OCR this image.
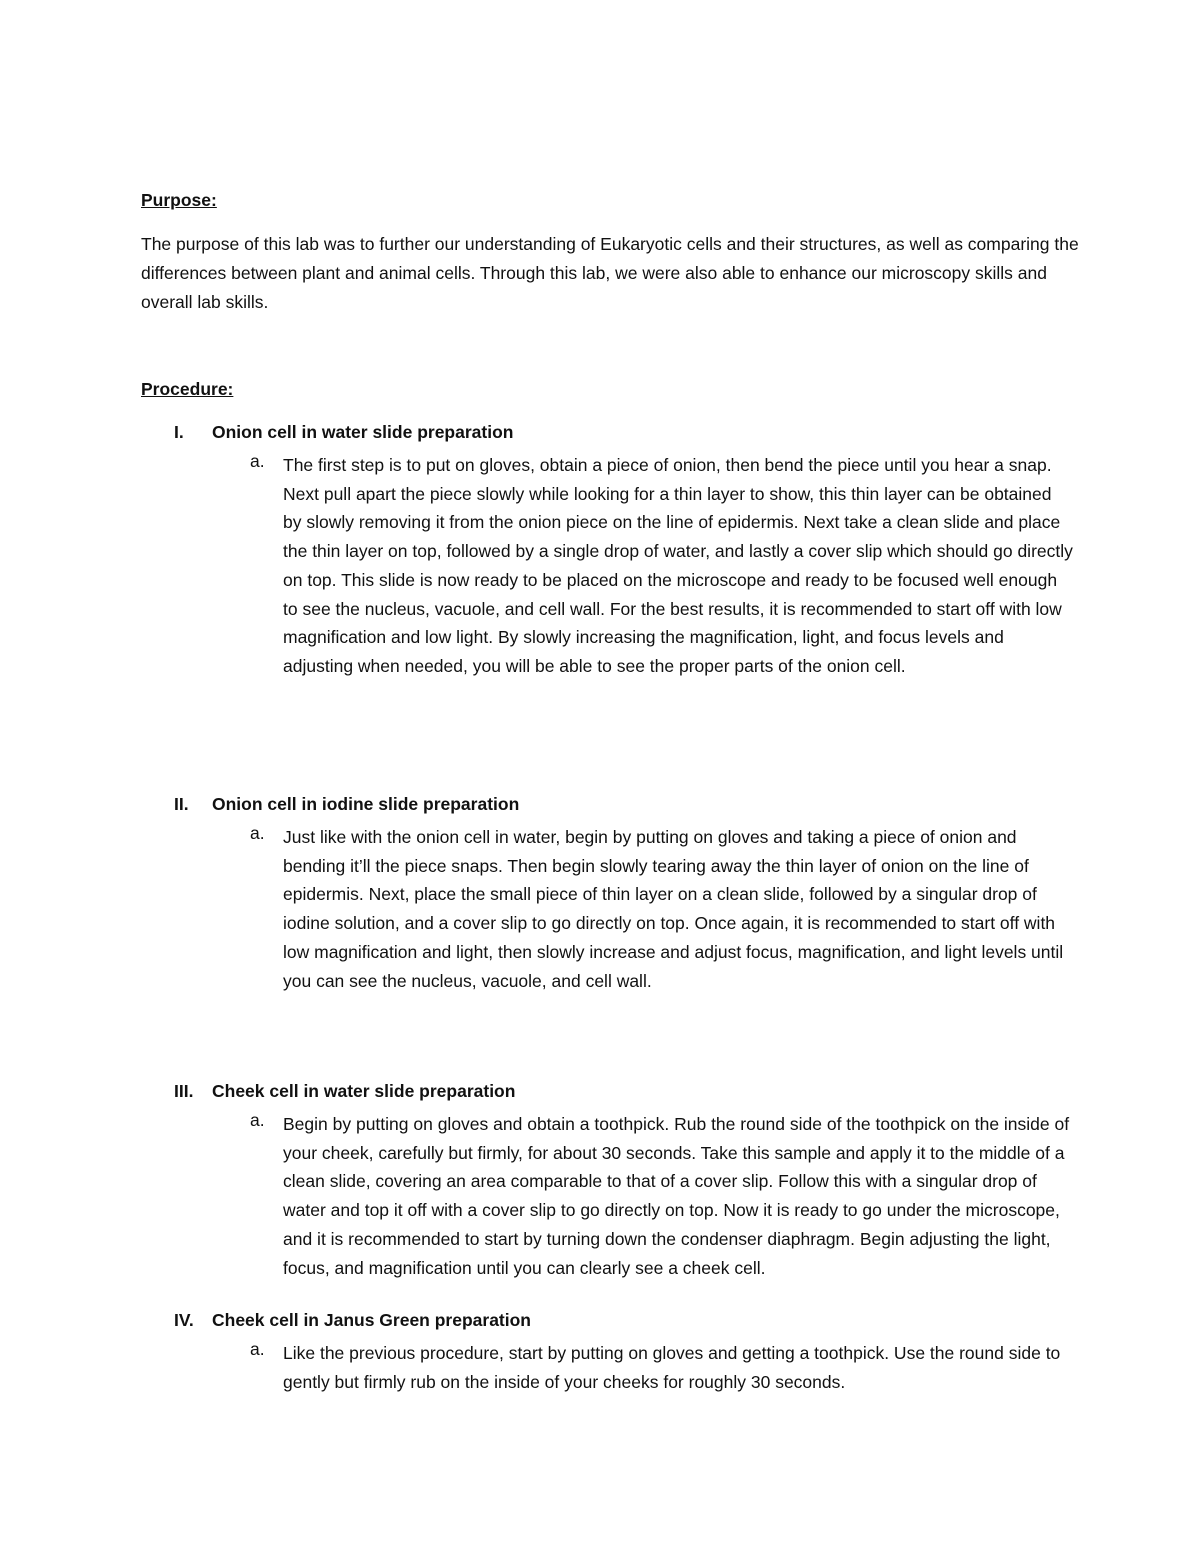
Purpose:

The purpose of this lab was to further our understanding of Eukaryotic cells and their structures, as well as comparing the differences between plant and animal cells. Through this lab, we were also able to enhance our microscopy skills and overall lab skills.

Procedure:

I. Onion cell in water slide preparation
a. The first step is to put on gloves, obtain a piece of onion, then bend the piece until you hear a snap. Next pull apart the piece slowly while looking for a thin layer to show, this thin layer can be obtained by slowly removing it from the onion piece on the line of epidermis. Next take a clean slide and place the thin layer on top, followed by a single drop of water, and lastly a cover slip which should go directly on top. This slide is now ready to be placed on the microscope and ready to be focused well enough to see the nucleus, vacuole, and cell wall. For the best results, it is recommended to start off with low magnification and low light. By slowly increasing the magnification, light, and focus levels and adjusting when needed, you will be able to see the proper parts of the onion cell.

II. Onion cell in iodine slide preparation
a. Just like with the onion cell in water, begin by putting on gloves and taking a piece of onion and bending it’ll the piece snaps. Then begin slowly tearing away the thin layer of onion on the line of epidermis. Next, place the small piece of thin layer on a clean slide, followed by a singular drop of iodine solution, and a cover slip to go directly on top. Once again, it is recommended to start off with low magnification and light, then slowly increase and adjust focus, magnification, and light levels until you can see the nucleus, vacuole, and cell wall.

III. Cheek cell in water slide preparation
a. Begin by putting on gloves and obtain a toothpick. Rub the round side of the toothpick on the inside of your cheek, carefully but firmly, for about 30 seconds. Take this sample and apply it to the middle of a clean slide, covering an area comparable to that of a cover slip. Follow this with a singular drop of water and top it off with a cover slip to go directly on top. Now it is ready to go under the microscope, and it is recommended to start by turning down the condenser diaphragm. Begin adjusting the light, focus, and magnification until you can clearly see a cheek cell.

IV. Cheek cell in Janus Green preparation
a. Like the previous procedure, start by putting on gloves and getting a toothpick. Use the round side to gently but firmly rub on the inside of your cheeks for roughly 30 seconds.
